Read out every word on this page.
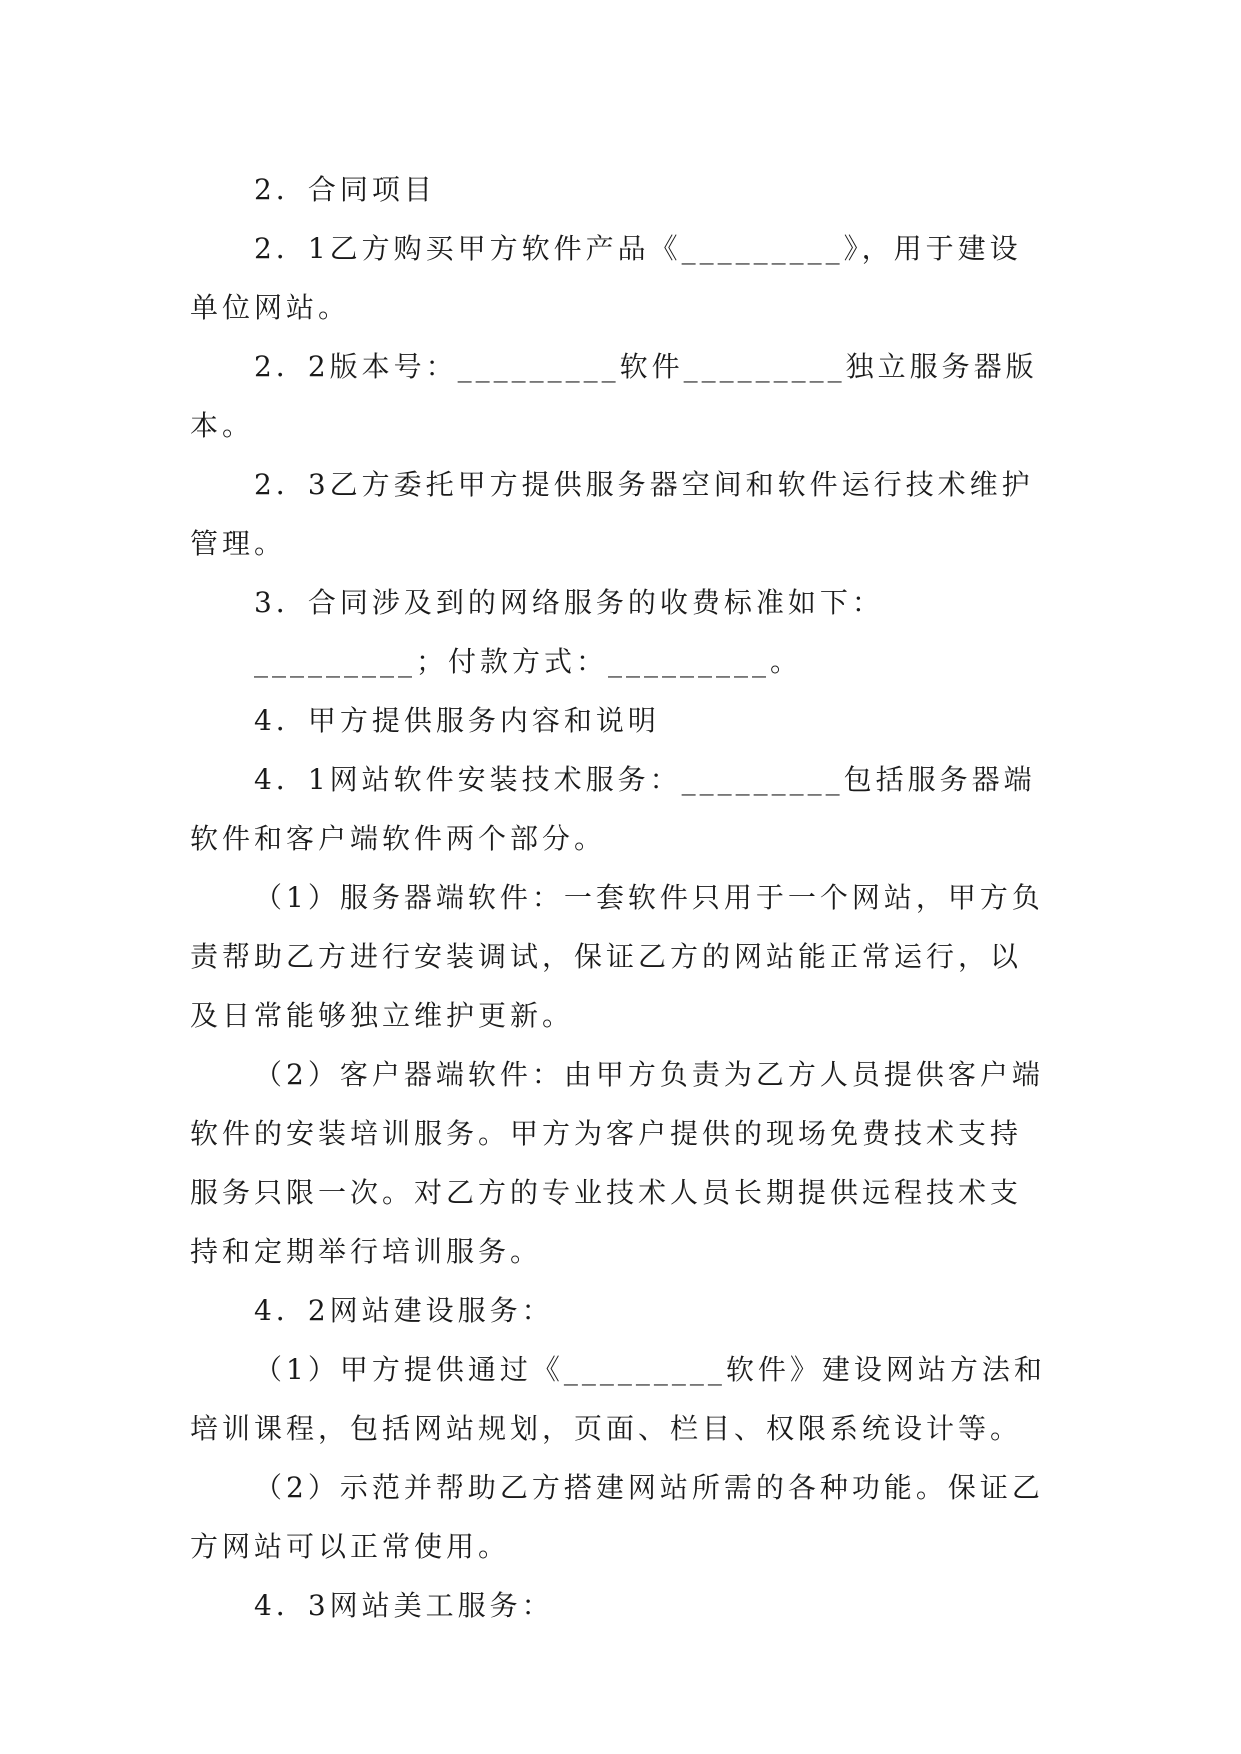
2．合同项目

2．1乙方购买甲方软件产品《_________》，用于建设单位网站。

2．2版本号：_________软件_________独立服务器版本。

2．3乙方委托甲方提供服务器空间和软件运行技术维护管理。

3．合同涉及到的网络服务的收费标准如下：

_________；付款方式：_________。

4．甲方提供服务内容和说明

4．1网站软件安装技术服务：_________包括服务器端软件和客户端软件两个部分。

（1）服务器端软件：一套软件只用于一个网站，甲方负责帮助乙方进行安装调试，保证乙方的网站能正常运行，以及日常能够独立维护更新。

（2）客户器端软件：由甲方负责为乙方人员提供客户端软件的安装培训服务。甲方为客户提供的现场免费技术支持服务只限一次。对乙方的专业技术人员长期提供远程技术支持和定期举行培训服务。

4．2网站建设服务：

（1）甲方提供通过《_________软件》建设网站方法和培训课程，包括网站规划，页面、栏目、权限系统设计等。

（2）示范并帮助乙方搭建网站所需的各种功能。保证乙方网站可以正常使用。

4．3网站美工服务：
